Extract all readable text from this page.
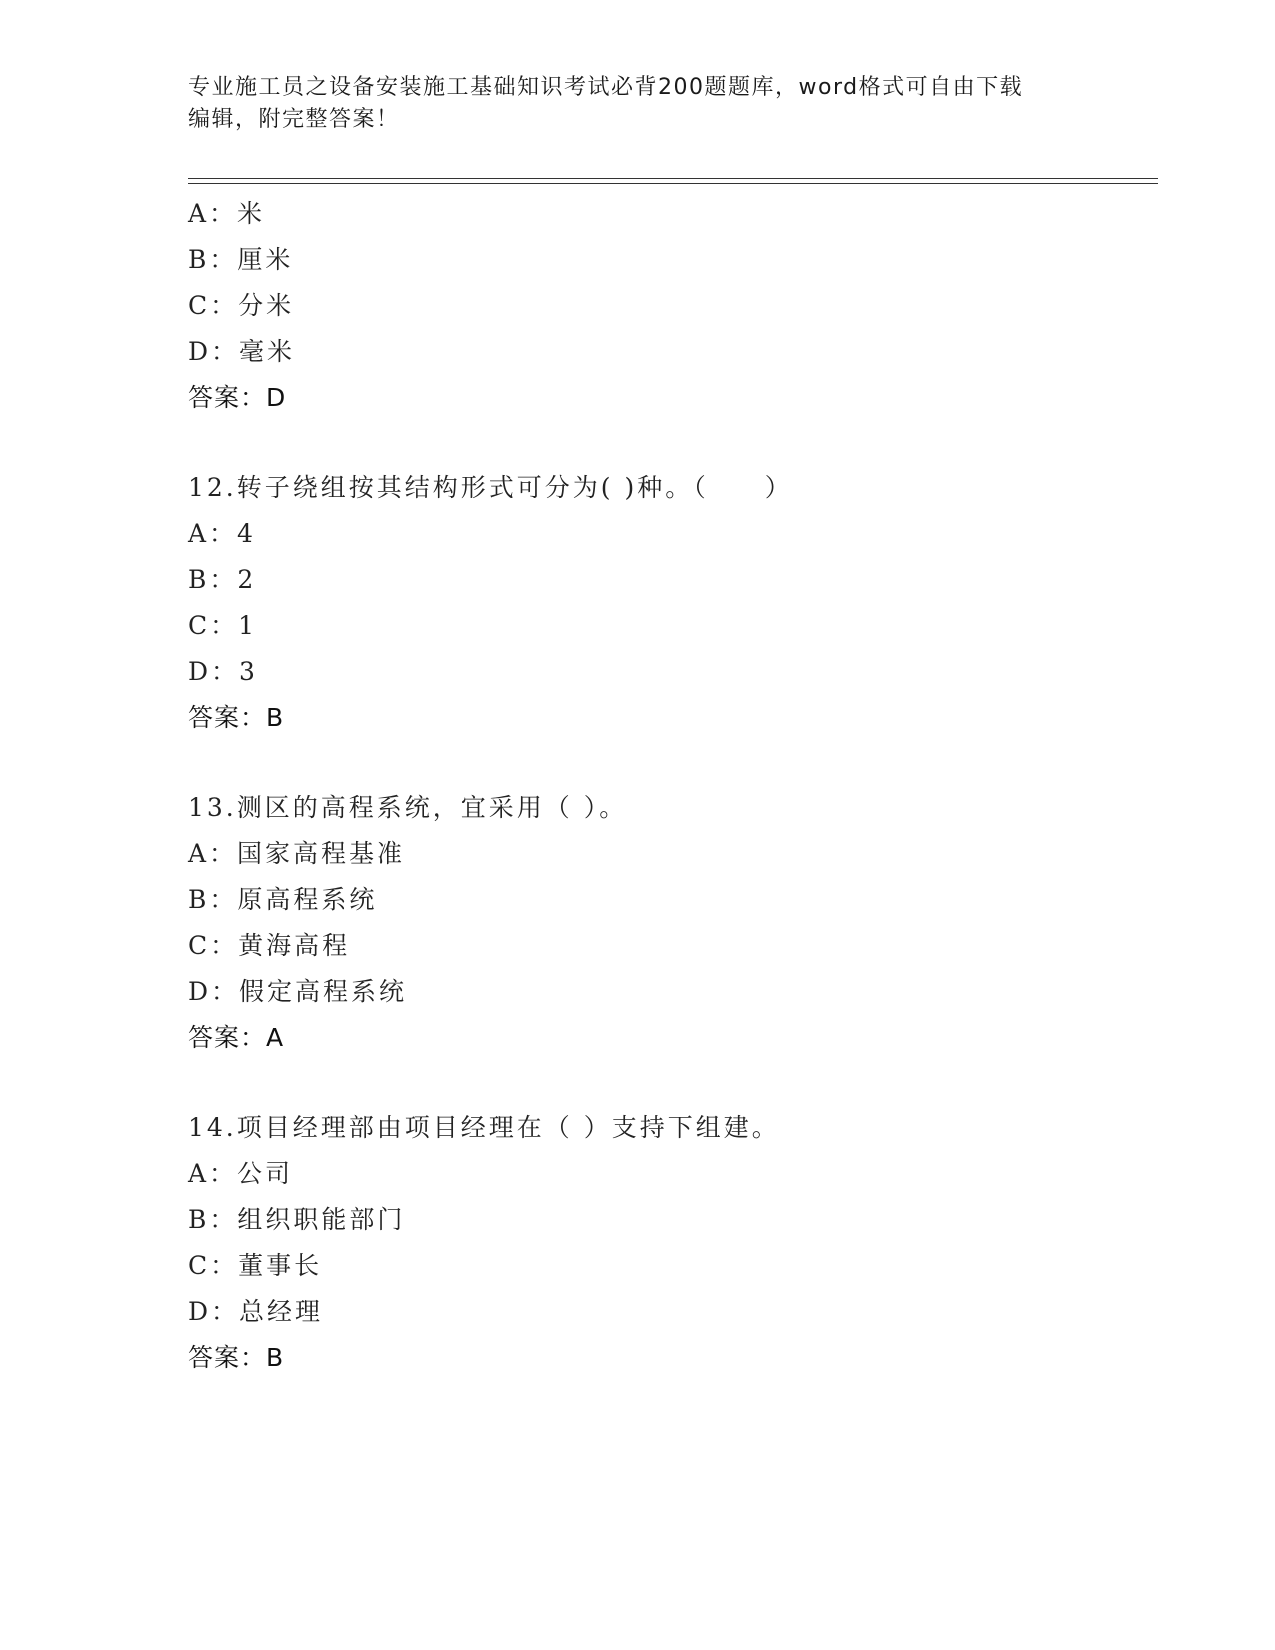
专业施工员之设备安装施工基础知识考试必背200题题库，word格式可自由下载
编辑，附完整答案！
A：米
B：厘米
C：分米
D：毫米
答案：D
12.转子绕组按其结构形式可分为( )种。（　　）
A：4
B：2
C：1
D：3
答案：B
13.测区的高程系统，宜采用（ ）。
A：国家高程基准
B：原高程系统
C：黄海高程
D：假定高程系统
答案：A
14.项目经理部由项目经理在（ ）支持下组建。
A：公司
B：组织职能部门
C：董事长
D：总经理
答案：B
